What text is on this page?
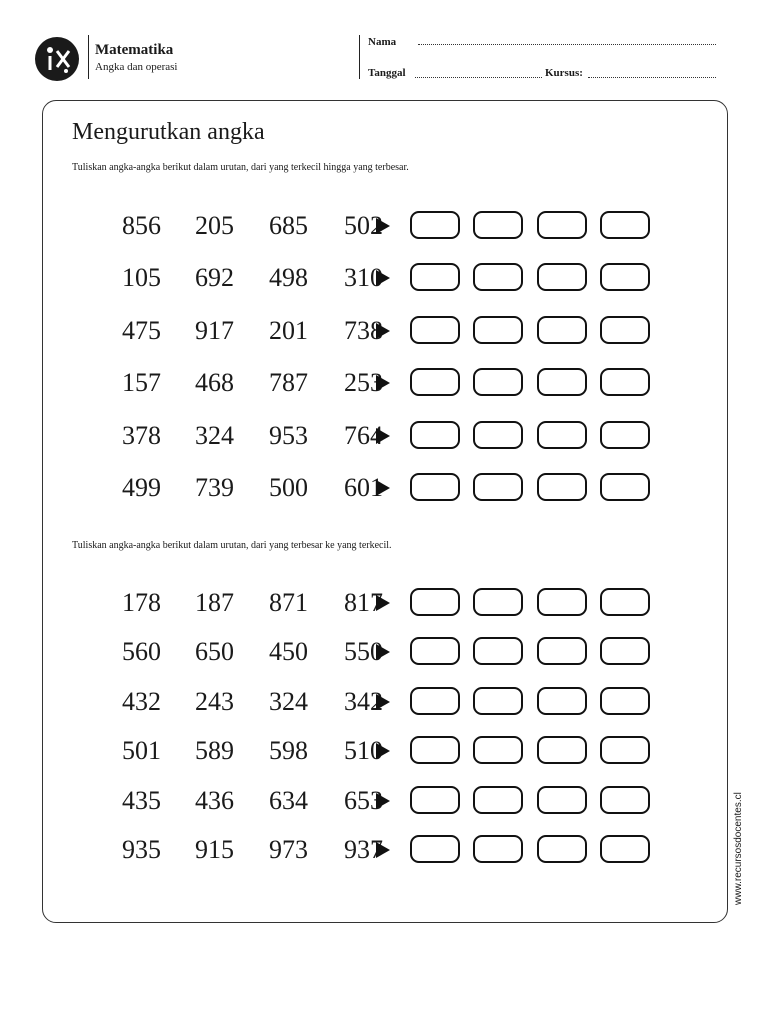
Matematika
Angka dan operasi
Nama
Tanggal	Kursus:
Mengurutkan angka
Tuliskan angka-angka berikut dalam urutan, dari yang terkecil hingga yang terbesar.
Tuliskan angka-angka berikut dalam urutan, dari yang terbesar ke yang terkecil.
856 205 685 502
105 692 498 310
475 917 201 738
157 468 787 253
378 324 953 764
499 739 500 601
178 187 871 817
560 650 450 550
432 243 324 342
501 589 598 510
435 436 634 653
935 915 973 937	www.recursosdocentes.cl
